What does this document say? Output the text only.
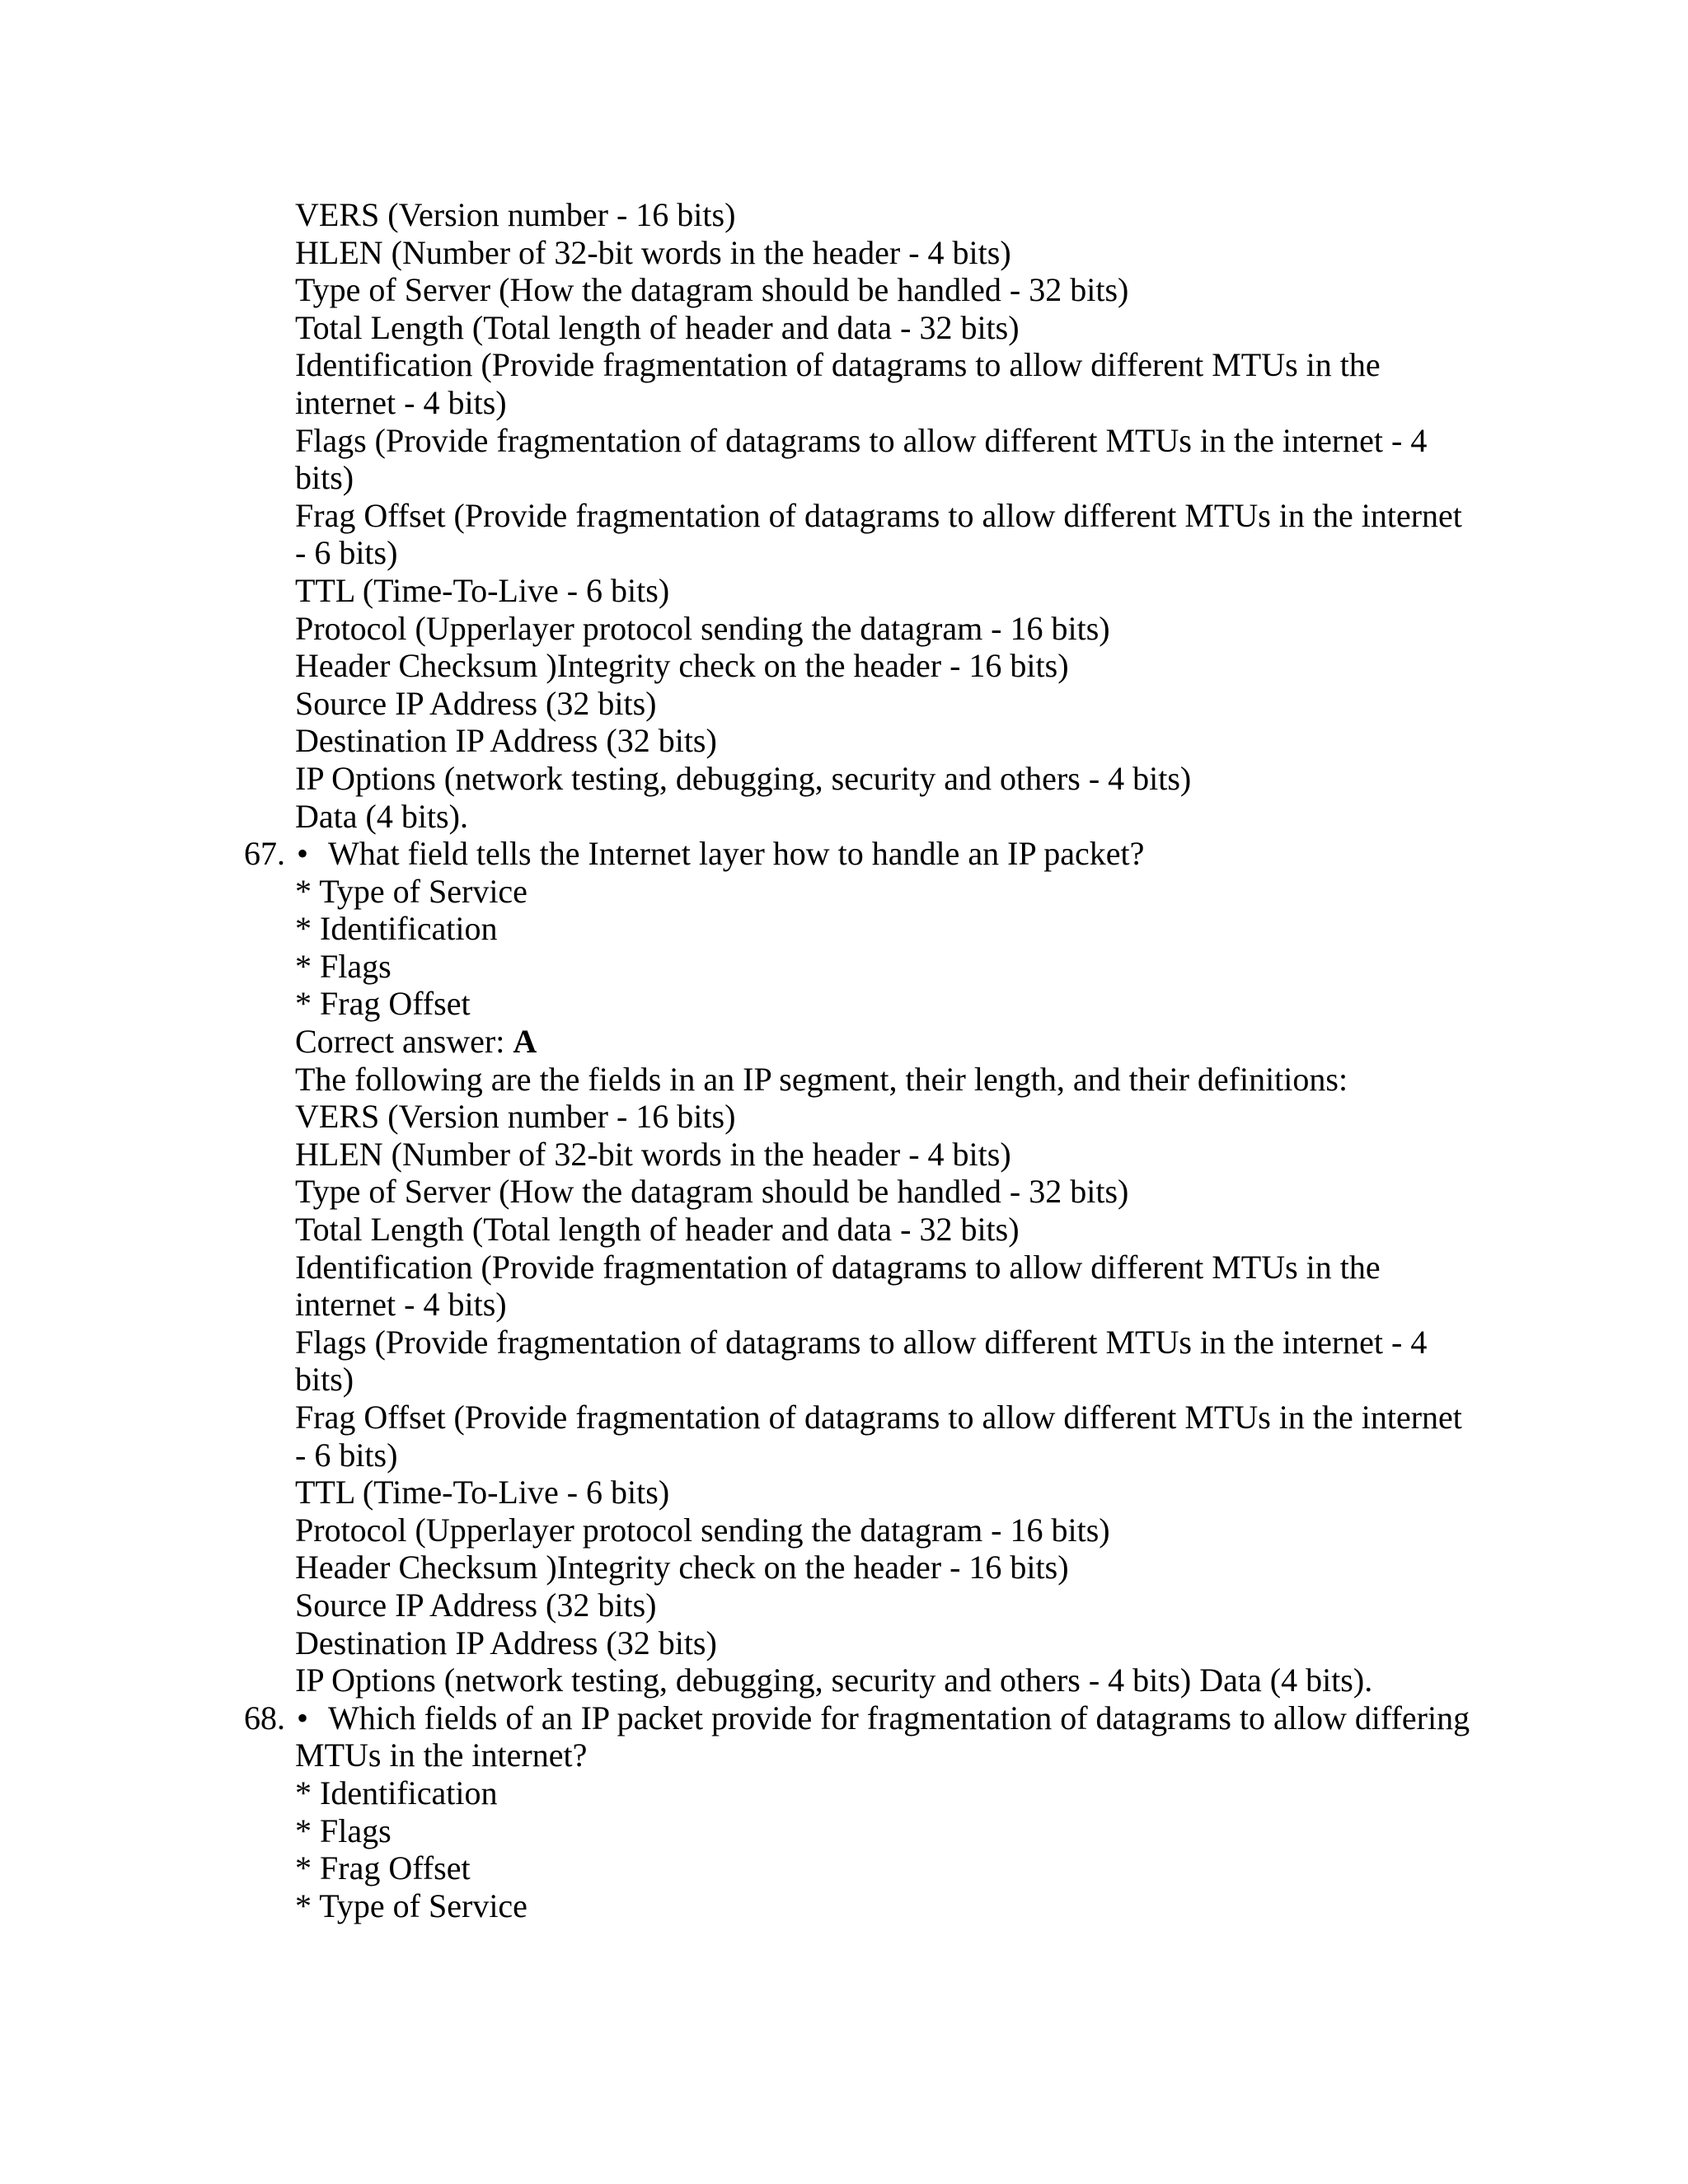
VERS (Version number - 16 bits)
HLEN (Number of 32-bit words in the header - 4 bits)
Type of Server (How the datagram should be handled - 32 bits)
Total Length (Total length of header and data - 32 bits)
Identification (Provide fragmentation of datagrams to allow different MTUs in the
internet - 4 bits)
Flags (Provide fragmentation of datagrams to allow different MTUs in the internet - 4
bits)
Frag Offset (Provide fragmentation of datagrams to allow different MTUs in the internet
- 6 bits)
TTL (Time-To-Live - 6 bits)
Protocol (Upperlayer protocol sending the datagram - 16 bits)
Header Checksum )Integrity check on the header - 16 bits)
Source IP Address (32 bits)
Destination IP Address (32 bits)
IP Options (network testing, debugging, security and others - 4 bits)
Data (4 bits).
67. • What field tells the Internet layer how to handle an IP packet?
* Type of Service
* Identification
* Flags
* Frag Offset
Correct answer: A
The following are the fields in an IP segment, their length, and their definitions:
VERS (Version number - 16 bits)
HLEN (Number of 32-bit words in the header - 4 bits)
Type of Server (How the datagram should be handled - 32 bits)
Total Length (Total length of header and data - 32 bits)
Identification (Provide fragmentation of datagrams to allow different MTUs in the
internet - 4 bits)
Flags (Provide fragmentation of datagrams to allow different MTUs in the internet - 4
bits)
Frag Offset (Provide fragmentation of datagrams to allow different MTUs in the internet
- 6 bits)
TTL (Time-To-Live - 6 bits)
Protocol (Upperlayer protocol sending the datagram - 16 bits)
Header Checksum )Integrity check on the header - 16 bits)
Source IP Address (32 bits)
Destination IP Address (32 bits)
IP Options (network testing, debugging, security and others - 4 bits) Data (4 bits).
68. • Which fields of an IP packet provide for fragmentation of datagrams to allow differing
MTUs in the internet?
* Identification
* Flags
* Frag Offset
* Type of Service
